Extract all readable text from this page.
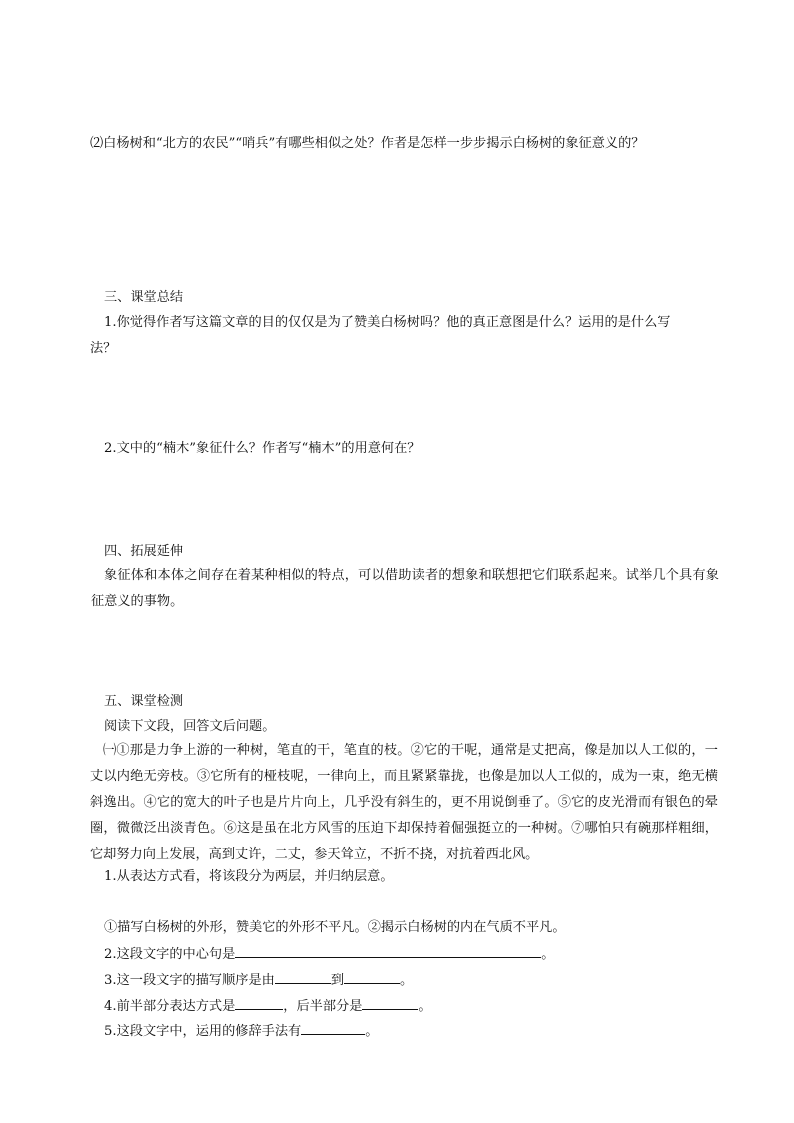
⑵白杨树和“北方的农民”“哨兵”有哪些相似之处？作者是怎样一步步揭示白杨树的象征意义的？
三、课堂总结
1.你觉得作者写这篇文章的目的仅仅是为了赞美白杨树吗？他的真正意图是什么？运用的是什么写
法？
2.文中的“楠木”象征什么？作者写“楠木”的用意何在？
四、拓展延伸
象征体和本体之间存在着某种相似的特点，可以借助读者的想象和联想把它们联系起来。试举几个具有象征意义的事物。
五、课堂检测
阅读下文段，回答文后问题。
㈠①那是力争上游的一种树，笔直的干，笔直的枝。②它的干呢，通常是丈把高，像是加以人工似的，一丈以内绝无旁枝。③它所有的桠枝呢，一律向上，而且紧紧靠拢，也像是加以人工似的，成为一束，绝无横斜逸出。④它的宽大的叶子也是片片向上，几乎没有斜生的，更不用说倒垂了。⑤它的皮光滑而有银色的晕圈，微微泛出淡青色。⑥这是虽在北方风雪的压迫下却保持着倔强挺立的一种树。⑦哪怕只有碗那样粗细，它却努力向上发展，高到丈许，二丈，参天耸立，不折不挠，对抗着西北风。
1.从表达方式看，将该段分为两层，并归纳层意。
①描写白杨树的外形，赞美它的外形不平凡。②揭示白杨树的内在气质不平凡。
2.这段文字的中心句是	。
3.这一段文字的描写顺序是由	到	。
4.前半部分表达方式是	，后半部分是	。
5.这段文字中，运用的修辞手法有	。
